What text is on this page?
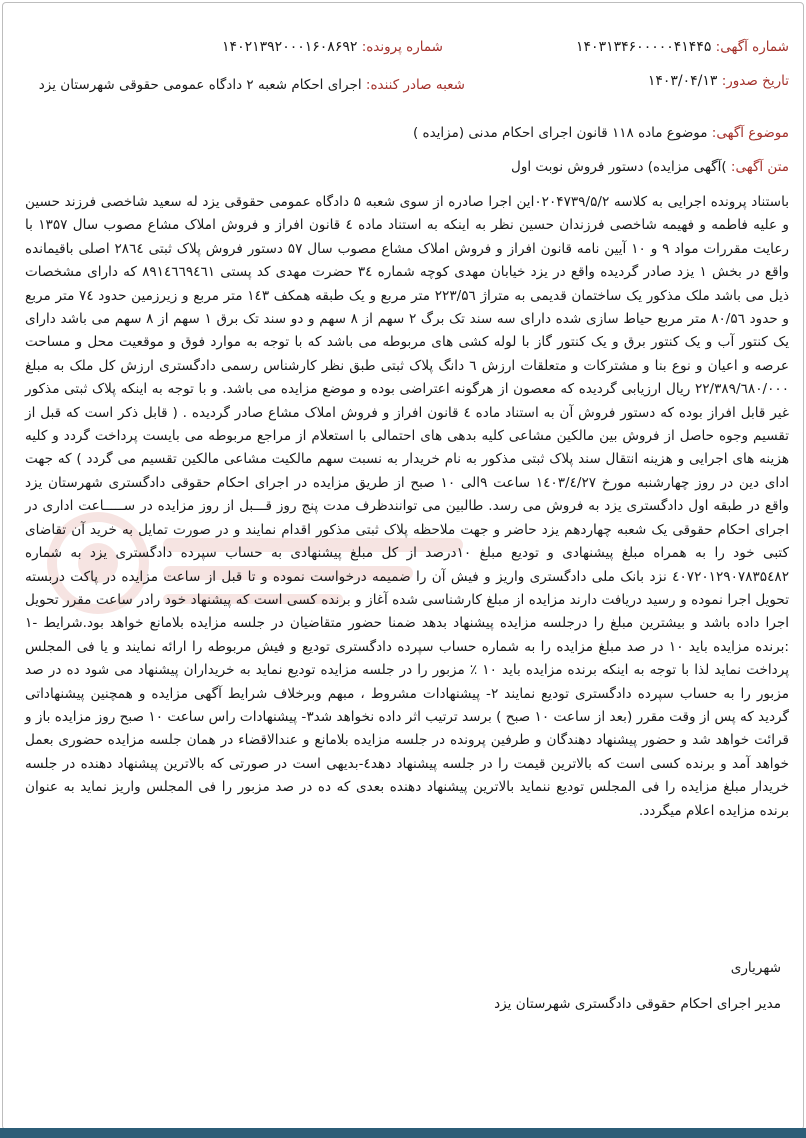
شماره آگهی: ۱۴۰۳۱۳۴۶۰۰۰۰۰۴۱۴۴۵
شماره پرونده: ۱۴۰۲۱۳۹۲۰۰۰۱۶۰۸۶۹۲
تاریخ صدور: ۱۴۰۳/۰۴/۱۳
شعبه صادر کننده: اجرای احکام شعبه ۲ دادگاه عمومی حقوقی شهرستان یزد
موضوع آگهی: موضوع ماده ۱۱۸ قانون اجرای احکام مدنی (مزایده )
متن آگهی: )آگهی مزایده) دستور فروش نوبت اول
باستناد پرونده اجرایی به کلاسه ۰۲۰۴۷۳۹/۵/۲اين اجرا صادره از سوی شعبه ۵ دادگاه عمومی حقوقی یزد له سعید شاخصی فرزند حسین و علیه فاطمه و فهیمه شاخصی فرزندان حسین نظر به اینکه به استناد ماده ٤ قانون افراز و فروش املاک مشاع مصوب سال ۱۳۵۷ با رعایت مقررات مواد ۹ و ۱۰ آیین نامه قانون افراز و فروش املاک مشاع مصوب سال ۵۷ دستور فروش پلاک ثبتی ۲۸٦٤ اصلی باقیمانده واقع در بخش ۱ یزد صادر گردیده واقع در یزد خیابان مهدی کوچه شماره ۳٤ حضرت مهدی کد پستی ۸۹۱٤٦٦۹٤٦۱ که دارای مشخصات ذیل می باشد ملک مذکور یک ساختمان قدیمی به متراژ ۲۲۳/۵٦ متر مربع و یک طبقه همکف ۱٤۳ متر مربع و زیرزمین حدود ۷٤ متر مربع و حدود ۸۰/۵٦ متر مربع حیاط سازی شده دارای سه سند تک برگ ۲ سهم از ۸ سهم و دو سند تک برق ۱ سهم از ۸ سهم می باشد دارای یک کنتور آب و یک کنتور برق و یک کنتور گاز با لوله کشی های مربوطه می باشد که با توجه به موارد فوق و موقعیت محل و مساحت عرصه و اعیان و نوع بنا و مشترکات و متعلقات ارزش ٦ دانگ پلاک ثبتی طبق نظر کارشناس رسمی دادگستری ارزش کل ملک به مبلغ ۲۲/۳۸۹/٦۸۰/۰۰۰ ریال ارزیابی گردیده که معصون از هرگونه اعتراضی بوده و موضع مزایده می باشد. و با توجه به اینکه پلاک ثبتی مذکور غیر قابل افراز بوده که دستور فروش آن به استناد ماده ٤ قانون افراز و فروش املاک مشاع صادر گردیده . ( قابل ذکر است که قبل از تقسیم وجوه حاصل از فروش بین مالکین مشاعی کلیه بدهی های احتمالی با استعلام از مراجع مربوطه می بایست پرداخت گردد و کلیه هزینه های اجرایی و هزینه انتقال سند پلاک ثبتی مذکور به نام خریدار به نسبت سهم مالکیت مشاعی مالکین تقسیم می گردد ) که جهت ادای دین در روز چهارشنبه مورخ ۱٤۰۳/٤/۲۷ ساعت ۹الی ۱۰ صبح از طریق مزایده در اجرای احکام حقوقی دادگستری شهرستان یزد واقع در طبقه اول دادگستری یزد به فروش می رسد. طالبین می توانندظرف مدت پنج روز قـــبل از روز مزایده در ســـــاعت اداری در اجرای احکام حقوقی یک شعبه چهاردهم یزد حاضر و جهت ملاحظه پلاک ثبتی مذکور اقدام نمایند و در صورت تمایل به خرید آن تقاضای کتبی خود را به همراه مبلغ پیشنهادی و تودیع مبلغ ۱۰درصد از کل مبلغ پیشنهادی به حساب سپرده دادگستری یزد به شماره ٤۰۷۲۰۱۲۹۰۷۸۳۵٤۸۲ نزد بانک ملی دادگستری واریز و فیش آن را ضمیمه درخواست نموده و تا قبل از ساعت مزایده در پاکت دربسته تحویل اجرا نموده و رسید دریافت دارند مزایده از مبلغ کارشناسی شده آغاز و برنده کسی است که پیشنهاد خود رادر ساعت مقرر تحویل اجرا داده باشد و بیشترین مبلغ را درجلسه مزایده پیشنهاد بدهد ضمنا حضور متقاضیان در جلسه مزایده بلامانع خواهد بود.شرایط -۱ :برنده مزایده باید ۱۰ در صد مبلغ مزایده را به شماره حساب سپرده دادگستری تودیع و فیش مربوطه را ارائه نمایند و یا فی المجلس پرداخت نماید لذا با توجه به اینکه برنده مزایده باید ۱۰ ٪ مزبور را در جلسه مزایده تودیع نماید به خریداران پیشنهاد می شود ده در صد مزبور را به حساب سپرده دادگستری تودیع نمایند ۲- پیشنهادات مشروط ، مبهم وبرخلاف شرایط آگهی مزایده و همچنین پیشنهاداتی گردید که پس از وقت مقرر (بعد از ساعت ۱۰ صبح ) برسد ترتیب اثر داده نخواهد شد۳- پیشنهادات راس ساعت ۱۰ صبح روز مزایده باز و قرائت خواهد شد و حضور پیشنهاد دهندگان و طرفین پرونده در جلسه مزایده بلامانع و عندالاقضاء در همان جلسه مزایده حضوری بعمل خواهد آمد و برنده کسی است که بالاترین قیمت را در جلسه پیشنهاد دهد٤-بدیهی است در صورتی که بالاترین پیشنهاد دهنده در جلسه خریدار مبلغ مزایده را فی المجلس تودیع ننماید بالاترین پیشنهاد دهنده بعدی که ده در صد مزبور را فی المجلس واریز نماید به عنوان برنده مزایده اعلام میگردد.
شهریاری
مدیر اجرای احکام حقوقی دادگستری شهرستان یزد
